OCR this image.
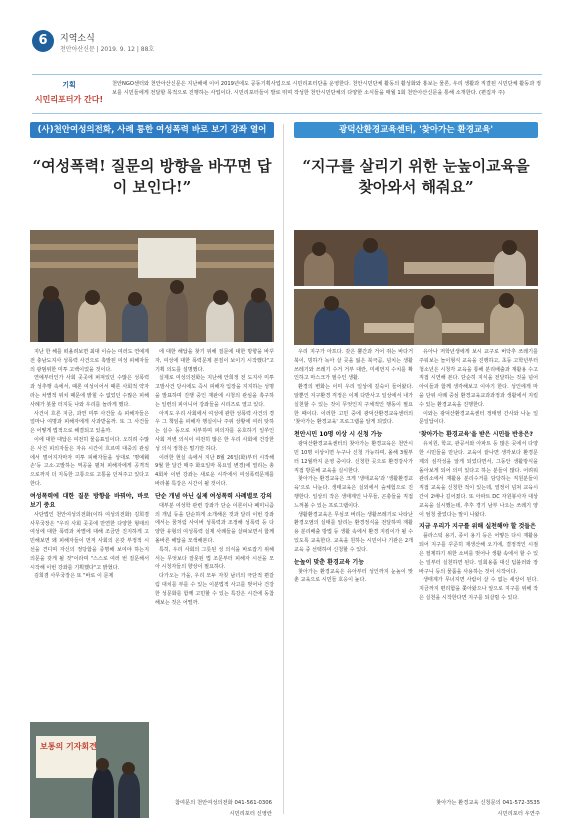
6	지역소식
천안아산신문 | 2019. 9. 12 | 88호
기획
시민리포터가 간다!
천안NGO센터와 천안아산신문은 지난해에 이어 2019년에도 공동기획사업으로 시민리포터단을 운영한다. 천안시민단체 활동의 활성화와 홍보는 물론, 우리 생활과 직결된 시민단체 활동과 정보를 시민들에게 전달할 목적으로 진행하는 사업이다. 시민리포터들이 발로 뛰며 작성한 천안시민단체의 다양한 소식들을 매월 1회 천안아산신문을 통해 소개한다. (편집자 주)
(사)천안여성의전화, 사례 통한 여성폭력 바로 보기 강좌 열어
“여성폭력! 질문의 방향을 바꾸면 답이 보인다!”
광덕산환경교육센터, '찾아가는 환경교육'
“지구를 살리기 위한 눈높이교육을 찾아와서 해줘요”

지난 한 해를 떠올려보면 최대 이슈는 여러도 연예계 전 충남도지사 성폭력 사건으로 촉발된 여성 피해자들의 광범위한 미투 고백이었을 것이다.

연예부터인가 사회 곳곳에 퍼져있던 수많은 성폭력과 성추행 속에서, 때론 여성이어서 때론 사회적 약자라는 차별적 위치 때문에 밝힐 수 없었던 수많은 피해 사례가 봇물 터지듯 나와 우리를 놀라게 했다.

사건이 흐른 지금, 과연 미투 사건들 속 피해자들은 얼마나 여명과 피해자에게 사과받을까. 또 그 사건들은 어떻게 법적으로 해결되고 있을까.

이에 대한 대답은 여전히 물음표일이다. 오히려 수많은 사건 피의자들은 자유 시간이 흐르며 대중의 관심에서 멀어지자마자 미투 피해자들을 상대로 '명예훼손'등 고소·고발하는 역공을 펼쳐 피해자에게 공격적으로까지 더 지독한 고통으로 고통을 던져주고 있다고 한다.

여성폭력에 대한 질문 방향을 바꿔야, 바로 보기 중요

사단법인 천안여성의전화(이하 여성의전화) 김희겸 사무국장은 "우리 사회 곳곳에 만연한 다양한 형태의 여성에 대한 폭력과 차별에 대해 조금만 진지하게 고민해보면 왜 피해자들이 먼저 사회의 온갖 부정적 시선을 견디며 자신의 정당함을 증명해 보여야 하는지 의문을 갖게 될 것"이라며 "스스로 여러 번 질문해서 시작해 이번 강좌를 기획했다"고 밝혔다.

김희겸 사무국장은 또 "바로 이 문제

에 대한 해답을 찾기 위해 질문에 대한 방향을 바꾸자, 여성에 대한 폭력문제 본질이 보이기 시작했다"고 기획 의도를 설명했다.

실제로 여성의전화는 지난해 안희정 전 도지사 미투고발사건 당시에도 즉시 피해자 입장을 지지하는 성명을 발표하며 진행 중인 재판에 시청의 관심을 촉구하는 일련의 피이니어 강좌들을 시리즈로 열고 있다.

아직도 우리 사회에서 여성에 관한 성폭력 사건의 경우 그 책임을 피해자 행실이나 주위 상황에 여러 탓하는 실수 등으로 치부하며 피의자를 옹호하기 일쑤인 사회 저변 의식이 여전히 많은 한 우리 사회에 건강한 성 의식 정착은 멀기만 하다.

이러한 현실 속에서 지난 8월 26일(화)부터 시작해 9월 한 달간 매주 화요일마 목요일 변경)에 열리는 총 4회차 이번 강좌는 새로운 시각에서 여성폭력문제를 바라볼 특강은 시간이 될 것이다.

단순 개념 아닌 실제 여성폭력 사례별로 강의

대부분 여성학 관련 강좌가 단순 이론이나 페미니즘의 개념 등을 단순하게 소개해온 것과 달리 이번 강좌에서는 꿈처럼 사이버 성폭력과 조정해 성폭력 등 다양한 유형의 여성폭력 실제 사례들을 살펴보면서 함께 올바른 해답을 모색해본다.

특히, 우리 사회의 그릇된 성 의식을 바로잡기 위해서는 무엇보다 잘못된 법 조문부터 피해자 시선을 모아 시청자들의 향상이 필요하다.

다가오는 가을, 우리 모두 자칫 남녀의 극단적 편갈림 대치를 부를 수 있는 이분법적 사고를 벗어나 건강한 성문화를 함께 고민할 수 있는 특강은 시간에 동참해보는 것은 어떨까.

우리 지구가 아프다. 갖은 뿔간과 거어 쥐는 바다거북이, 빙하가 녹아 살 곳을 잃은 북극곰, 넘치는 생활 쓰레기와 쓰레기 수거 거부 대란, 미세먼지 수치를 확인하고 마스크가 필수인 생활.

환경의 변화는 이미 우리 일상에 깊숙이 들어왔다. 알뿐인 지구환경 걱정은 이제 다반사고 일상에서 내가 실천할 수 있는 것이 무엇인지 구체적인 행동이 필요한 때이다. 이러한 고민 중에 광덕산환경교육센터의 '찾아가는 환경교육' 프로그램을 알게 되었다.

천안시민 10명 이상 시 신청 가능

광덕산환경교육센터의 찾아가는 환경교육은 천안시민 10명 이상이면 누구나 신청 가능하며, 올해 3월부터 12월까지 운영 중이다. 신청한 곳으로 환경강사가 직접 방문해 교육을 실시한다.

찾아가는 환경교육은 크게 '생태교육'과 '생활환경교육'으로 나눈다. 생태교육은 실외에서 숲체험으로 진행한다. 일상의 작은 생태계인 나무들, 곤충들을 직접 느껴볼 수 있는 프로그램이다.

생활환경교육은 무심코 버리는 생활쓰레기로 나타난 환경오염의 실태를 알리는 환경정식을 전달하며 재활용 분리배출 방법 등 생활 속에서 환경 지킴이가 될 수 있도록 교육한다. 교육을 원하는 시민이나 기관은 2개 교육 중 선택하여 신청할 수 있다.

눈높이 맞춘 환경교육 기능

찾아가는 환경교육은 유아부터 성인까지 눈높이 맞춘 교육으로 시민들 호응이 높다.

유아나 저학년생에게 보시 교구로 버닥추 쓰레기를 주워보는 놀이형식 교육을 진행하고, 초등 고학년부터 청소년은 시청각 교육을 통해 분리배출과 재활용 수고 직접 시연해 본다. 단순히 지식을 전달하는 것을 넘어 아이들과 함께 생각해보고 이야기 한다. 성인에게 마을 단위 사례 중심 환경교육교과과정과 생활에서 지킬 수 있는 환경교육을 진행한다.

이와는 광덕산환경교육센터 정태영 간사와 나눈 일문일답이다.

'찾아가는 환경교육'을 받은 시민들 반응은?

유치원, 학교, 관공서와 아파트 등 많은 곳에서 다양한 시민들을 만난다. 교육이 끝나면 생각보다 환경문제의 심각성을 알게 되었다면서, 그동안 생활방식을 돌아보게 되어 의미 있다고 하는 분들이 많다. 어려워 관리소에서 재활용 분리수거를 담당하는 직원분들이 직접 교육을 신청한 적이 있는데, 열정이 넘쳐 교육시간이 2배나 길어졌다. 또 아파트 DC 자원봉사자 대상 교육을 실시했는데, 추후 경기 남부 나오는 쓰레기 양이 엄청 줄었다는 말이 나왔다.

지금 우리가 지구를 위해 실천해야 할 것들은

플라스틱 용기, 종이 용기 등은 어떻든 다시 재활용되어 지구를 꾸준히 재생산해 오기에, 결정적인 시점은 절제하기 위한 소비를 벗어나 생활 속에서 할 수 있는 일부터 실천하면 된다. 일회용품 대신 텀블러와 장바구니 등의 물품을 사용하는 것이 시작이다.

생태계가 무너지면 사람이 살 수 없는 세상이 된다. 지금까지 편리함을 쫓아왔으나 앞으로 지구를 위해 작은 실천을 시작한다면 지구를 되살릴 수 있다.

보통의 기자회견
참여문의 천안여성의전화 041-561-0306
시민리포터 신영란
찾아가는 환경교육 신청문의 041-572-3535
시민리포터 우연주
